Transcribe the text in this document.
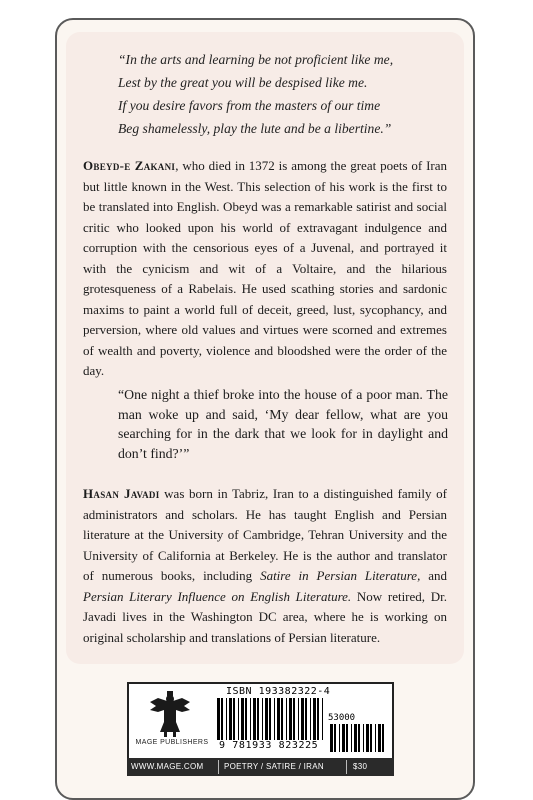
“In the arts and learning be not proficient like me,
Lest by the great you will be despised like me.
If you desire favors from the masters of our time
Beg shamelessly, play the lute and be a libertine.”

Obeyd-e Zakani, who died in 1372 is among the great poets of Iran but little known in the West. This selection of his work is the first to be translated into English. Obeyd was a remarkable satirist and social critic who looked upon his world of extravagant indulgence and corruption with the censorious eyes of a Juvenal, and portrayed it with the cynicism and wit of a Voltaire, and the hilarious grotesqueness of a Rabelais. He used scathing stories and sardonic maxims to paint a world full of deceit, greed, lust, sycophancy, and perversion, where old values and virtues were scorned and extremes of wealth and poverty, violence and bloodshed were the order of the day.

“One night a thief broke into the house of a poor man. The man woke up and said, ‘My dear fellow, what are you searching for in the dark that we look for in daylight and don’t find?’”

Hasan Javadi was born in Tabriz, Iran to a distinguished family of administrators and scholars. He has taught English and Persian literature at the University of Cambridge, Tehran University and the University of California at Berkeley. He is the author and translator of numerous books, including Satire in Persian Literature, and Persian Literary Influence on English Literature. Now retired, Dr. Javadi lives in the Washington DC area, where he is working on original scholarship and translations of Persian literature.

MAGE PUBLISHERS
ISBN 193382322-4
53000
9 781933 823225
WWW.MAGE.COM	POETRY / SATIRE / IRAN	$30
